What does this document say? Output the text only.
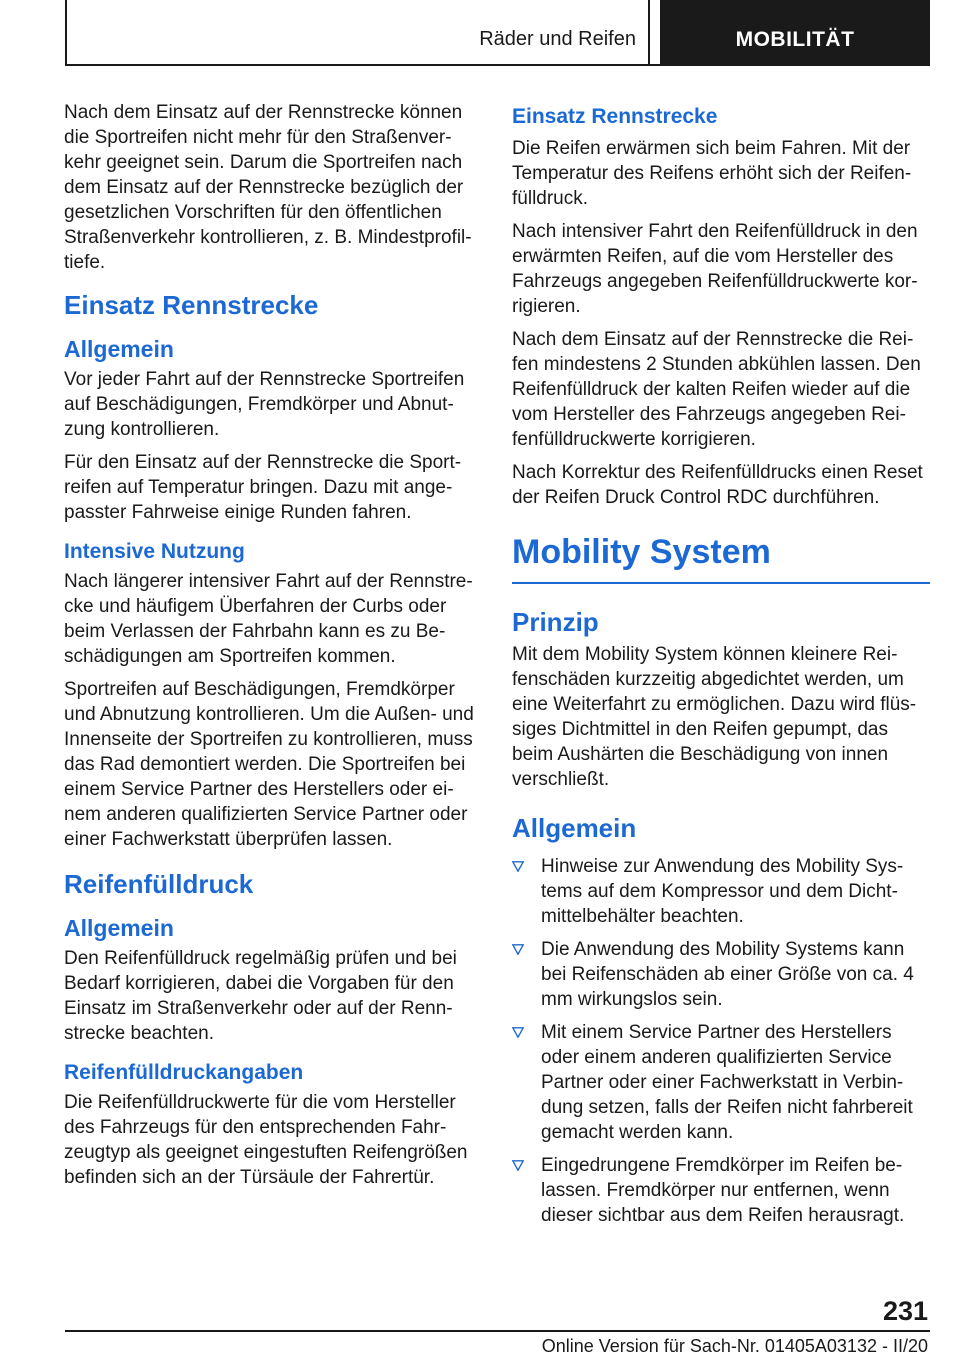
Räder und Reifen	MOBILITÄT

Nach dem Einsatz auf der Rennstrecke können die Sportreifen nicht mehr für den Straßenverkehr geeignet sein. Darum die Sportreifen nach dem Einsatz auf der Rennstrecke bezüglich der gesetzlichen Vorschriften für den öffentlichen Straßenverkehr kontrollieren, z. B. Mindestprofiltiefe.

Einsatz Rennstrecke
Allgemein

Vor jeder Fahrt auf der Rennstrecke Sportreifen auf Beschädigungen, Fremdkörper und Abnutzung kontrollieren.

Für den Einsatz auf der Rennstrecke die Sportreifen auf Temperatur bringen. Dazu mit angepasster Fahrweise einige Runden fahren.

Intensive Nutzung

Nach längerer intensiver Fahrt auf der Rennstrecke und häufigem Überfahren der Curbs oder beim Verlassen der Fahrbahn kann es zu Beschädigungen am Sportreifen kommen.

Sportreifen auf Beschädigungen, Fremdkörper und Abnutzung kontrollieren. Um die Außen- und Innenseite der Sportreifen zu kontrollieren, muss das Rad demontiert werden. Die Sportreifen bei einem Service Partner des Herstellers oder einem anderen qualifizierten Service Partner oder einer Fachwerkstatt überprüfen lassen.

Reifenfülldruck
Allgemein

Den Reifenfülldruck regelmäßig prüfen und bei Bedarf korrigieren, dabei die Vorgaben für den Einsatz im Straßenverkehr oder auf der Rennstrecke beachten.

Reifenfülldruckangaben

Die Reifenfülldruckwerte für die vom Hersteller des Fahrzeugs für den entsprechenden Fahrzeugtyp als geeignet eingestuften Reifengrößen befinden sich an der Türsäule der Fahrertür.

Einsatz Rennstrecke

Die Reifen erwärmen sich beim Fahren. Mit der Temperatur des Reifens erhöht sich der Reifenfülldruck.

Nach intensiver Fahrt den Reifenfülldruck in den erwärmten Reifen, auf die vom Hersteller des Fahrzeugs angegeben Reifenfülldruckwerte korrigieren.

Nach dem Einsatz auf der Rennstrecke die Reifen mindestens 2 Stunden abkühlen lassen. Den Reifenfülldruck der kalten Reifen wieder auf die vom Hersteller des Fahrzeugs angegeben Reifenfülldruckwerte korrigieren.

Nach Korrektur des Reifenfülldrucks einen Reset der Reifen Druck Control RDC durchführen.

Mobility System
Prinzip

Mit dem Mobility System können kleinere Reifenschäden kurzzeitig abgedichtet werden, um eine Weiterfahrt zu ermöglichen. Dazu wird flüssiges Dichtmittel in den Reifen gepumpt, das beim Aushärten die Beschädigung von innen verschließt.

Allgemein
Hinweise zur Anwendung des Mobility Systems auf dem Kompressor und dem Dichtmittelbehälter beachten.
Die Anwendung des Mobility Systems kann bei Reifenschäden ab einer Größe von ca. 4 mm wirkungslos sein.
Mit einem Service Partner des Herstellers oder einem anderen qualifizierten Service Partner oder einer Fachwerkstatt in Verbindung setzen, falls der Reifen nicht fahrbereit gemacht werden kann.
Eingedrungene Fremdkörper im Reifen belassen. Fremdkörper nur entfernen, wenn dieser sichtbar aus dem Reifen herausragt.
231
Online Version für Sach-Nr. 01405A03132 - II/20
